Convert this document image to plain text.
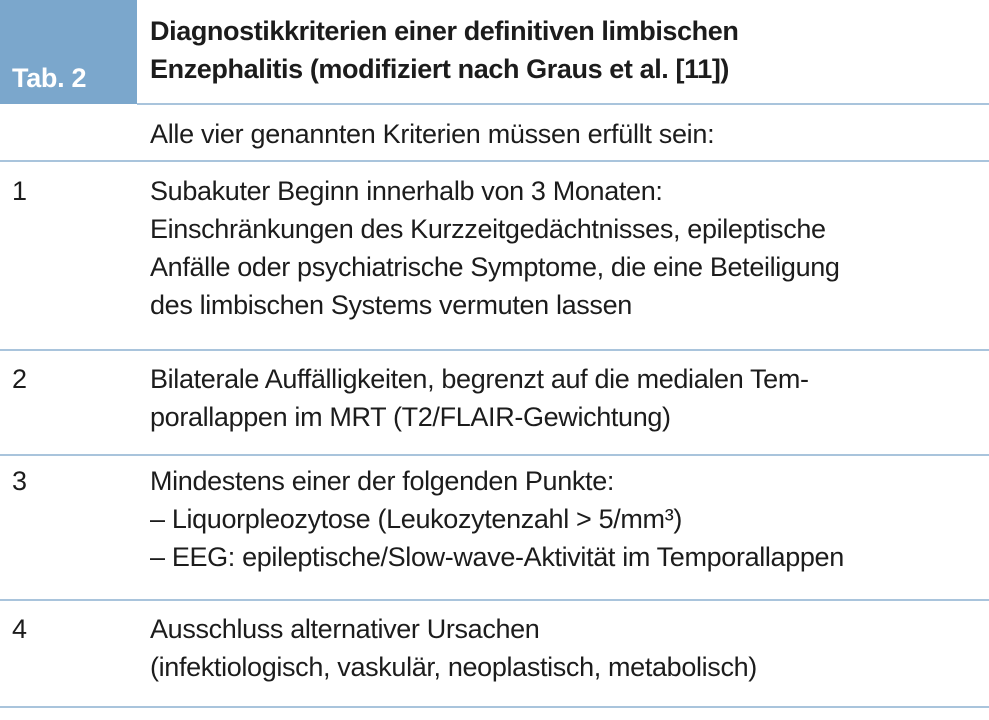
Tab. 2
Diagnostikkriterien einer definitiven limbischen
Enzephalitis (modifiziert nach Graus et al. [11])
Alle vier genannten Kriterien müssen erfüllt sein:
1	Subakuter Beginn innerhalb von 3 Monaten:
Einschränkungen des Kurzzeitgedächtnisses, epileptische
Anfälle oder psychiatrische Symptome, die eine Beteiligung
des limbischen Systems vermuten lassen
2	Bilaterale Auffälligkeiten, begrenzt auf die medialen Tem-
porallappen im MRT (T2/FLAIR-Gewichtung)
3	Mindestens einer der folgenden Punkte:
– Liquorpleozytose (Leukozytenzahl > 5/mm³)
– EEG: epileptische/Slow-wave-Aktivität im Temporallappen
4	Ausschluss alternativer Ursachen
(infektiologisch, vaskulär, neoplastisch, metabolisch)
